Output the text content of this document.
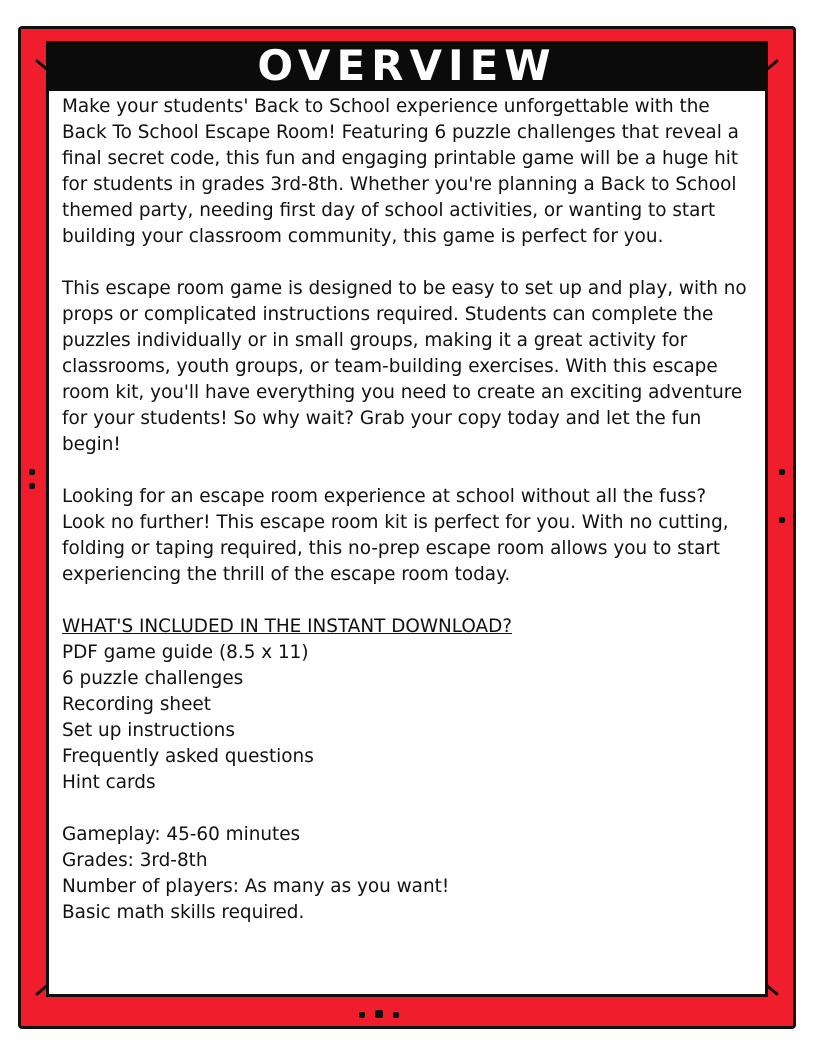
OVERVIEW

Make your students' Back to School experience unforgettable with the Back To School Escape Room! Featuring 6 puzzle challenges that reveal a final secret code, this fun and engaging printable game will be a huge hit for students in grades 3rd-8th. Whether you're planning a Back to School themed party, needing first day of school activities, or wanting to start building your classroom community, this game is perfect for you.

This escape room game is designed to be easy to set up and play, with no props or complicated instructions required. Students can complete the puzzles individually or in small groups, making it a great activity for classrooms, youth groups, or team-building exercises. With this escape room kit, you'll have everything you need to create an exciting adventure for your students! So why wait? Grab your copy today and let the fun begin!

Looking for an escape room experience at school without all the fuss? Look no further! This escape room kit is perfect for you. With no cutting, folding or taping required, this no-prep escape room allows you to start experiencing the thrill of the escape room today.

WHAT'S INCLUDED IN THE INSTANT DOWNLOAD?

PDF game guide (8.5 x 11)

6 puzzle challenges

Recording sheet

Set up instructions

Frequently asked questions

Hint cards

Gameplay: 45-60 minutes

Grades: 3rd-8th

Number of players: As many as you want!

Basic math skills required.
